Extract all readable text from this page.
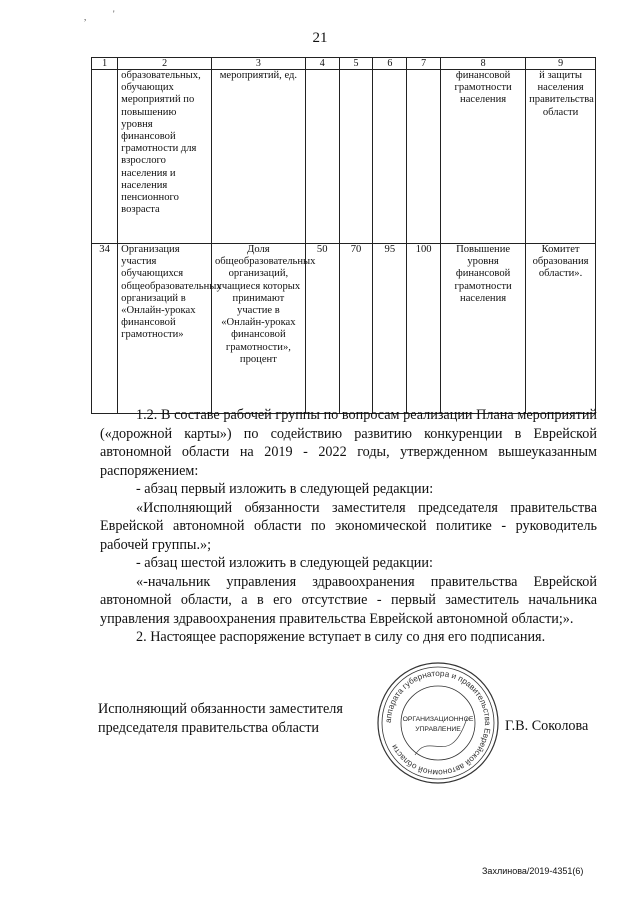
21
,	'
1	2	3	4	5	6	7	8	9
	образовательных, обучающих мероприятий по повышению уровня финансовой грамотности для взрослого населения и населения пенсионного возраста	мероприятий, ед.					финансовой грамотности населения	й защиты населения правительства области
34	Организация участия обучающихся общеобразовательных организаций в «Онлайн-уроках финансовой грамотности»	Доля общеобразовательных организаций, учащиеся которых принимают участие в «Онлайн-уроках финансовой грамотности», процент	50	70	95	100	Повышение уровня финансовой грамотности населения	Комитет образования области».

1.2. В составе рабочей группы по вопросам реализации Плана мероприятий («дорожной карты») по содействию развитию конкуренции в Еврейской автономной области на 2019 - 2022 годы, утвержденном вышеуказанным распоряжением:

- абзац первый изложить в следующей редакции:

«Исполняющий обязанности заместителя председателя правительства Еврейской автономной области по экономической политике - руководитель рабочей группы.»;

- абзац шестой изложить в следующей редакции:

«-начальник управления здравоохранения правительства Еврейской автономной области, а в его отсутствие - первый заместитель начальника управления здравоохранения правительства Еврейской автономной области;».

2. Настоящее распоряжение вступает в силу со дня его подписания.

Исполняющий обязанности заместителя
председателя правительства области	аппарата губернатора и правительства Еврейской автономной области
ОРГАНИЗАЦИОННОЕ
УПРАВЛЕНИЕ	Г.В. Соколова
Захлинова/2019-4351(6)
